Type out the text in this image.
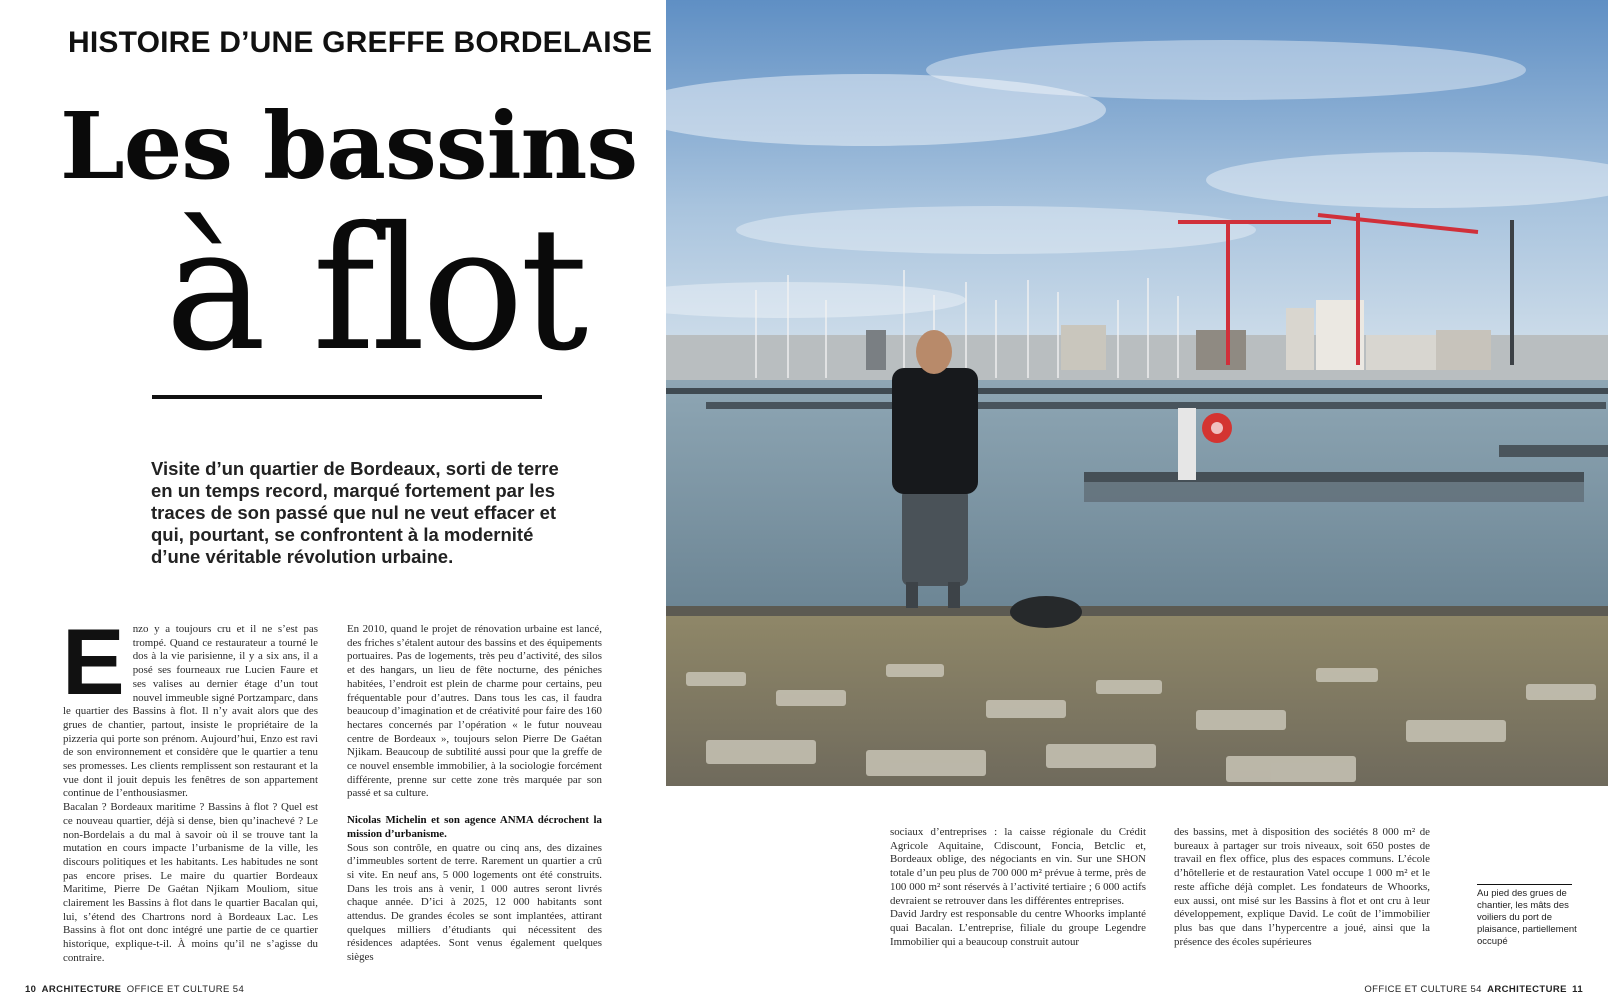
HISTOIRE D’UNE GREFFE BORDELAISE
Les bassins
à flot
Visite d’un quartier de Bordeaux, sorti de terre en un temps record, marqué fortement par les traces de son passé que nul ne veut effacer et qui, pourtant, se confrontent à la modernité d’une véritable révolution urbaine.
E nzo y a toujours cru et il ne s’est pas trompé. Quand ce restaurateur a tourné le dos à la vie parisienne, il y a six ans, il a posé ses fourneaux rue Lucien Faure et ses valises au dernier étage d’un tout nouvel immeuble signé Portzamparc, dans le quartier des Bassins à flot. Il n’y avait alors que des grues de chantier, partout, insiste le propriétaire de la pizzeria qui porte son prénom. Aujourd’hui, Enzo est ravi de son environnement et considère que le quartier a tenu ses promesses. Les clients remplissent son restaurant et la vue dont il jouit depuis les fenêtres de son appartement continue de l’enthousiasmer.

Bacalan ? Bordeaux maritime ? Bassins à flot ? Quel est ce nouveau quartier, déjà si dense, bien qu’inachevé ? Le non-Bordelais a du mal à savoir où il se trouve tant la mutation en cours impacte l’urbanisme de la ville, les discours politiques et les habitants. Les habitudes ne sont pas encore prises. Le maire du quartier Bordeaux Maritime, Pierre De Gaétan Njikam Mouliom, situe clairement les Bassins à flot dans le quartier Bacalan qui, lui, s’étend des Chartrons nord à Bordeaux Lac. Les Bassins à flot ont donc intégré une partie de ce quartier historique, explique-t-il. À moins qu’il ne s’agisse du contraire.

En 2010, quand le projet de rénovation urbaine est lancé, des friches s’étalent autour des bassins et des équipements portuaires. Pas de logements, très peu d’activité, des silos et des hangars, un lieu de fête nocturne, des péniches habitées, l’endroit est plein de charme pour certains, peu fréquentable pour d’autres. Dans tous les cas, il faudra beaucoup d’imagination et de créativité pour faire des 160 hectares concernés par l’opération « le futur nouveau centre de Bordeaux », toujours selon Pierre De Gaétan Njikam. Beaucoup de subtilité aussi pour que la greffe de ce nouvel ensemble immobilier, à la sociologie forcément différente, prenne sur cette zone très marquée par son passé et sa culture.

Nicolas Michelin et son agence ANMA décrochent la mission d’urbanisme.

Sous son contrôle, en quatre ou cinq ans, des dizaines d’immeubles sortent de terre. Rarement un quartier a crû si vite. En neuf ans, 5 000 logements ont été construits. Dans les trois ans à venir, 1 000 autres seront livrés chaque année. D’ici à 2025, 12 000 habitants sont attendus. De grandes écoles se sont implantées, attirant quelques milliers d’étudiants qui nécessitent des résidences adaptées. Sont venus également quelques sièges

sociaux d’entreprises : la caisse régionale du Crédit Agricole Aquitaine, Cdiscount, Foncia, Betclic et, Bordeaux oblige, des négociants en vin. Sur une SHON totale d’un peu plus de 700 000 m² prévue à terme, près de 100 000 m² sont réservés à l’activité tertiaire ; 6 000 actifs devraient se retrouver dans les différentes entreprises.

David Jardry est responsable du centre Whoorks implanté quai Bacalan. L’entreprise, filiale du groupe Legendre Immobilier qui a beaucoup construit autour

des bassins, met à disposition des sociétés 8 000 m² de bureaux à partager sur trois niveaux, soit 650 postes de travail en flex office, plus des espaces communs. L’école d’hôtellerie et de restauration Vatel occupe 1 000 m² et le reste affiche déjà complet. Les fondateurs de Whoorks, eux aussi, ont misé sur les Bassins à flot et ont cru à leur développement, explique David. Le coût de l’immobilier plus bas que dans l’hypercentre a joué, ainsi que la présence des écoles supérieures

Au pied des grues de chantier, les mâts des voiliers du port de plaisance, partiellement occupé
10 ARCHITECTURE OFFICE ET CULTURE 54	OFFICE ET CULTURE 54 ARCHITECTURE 11
